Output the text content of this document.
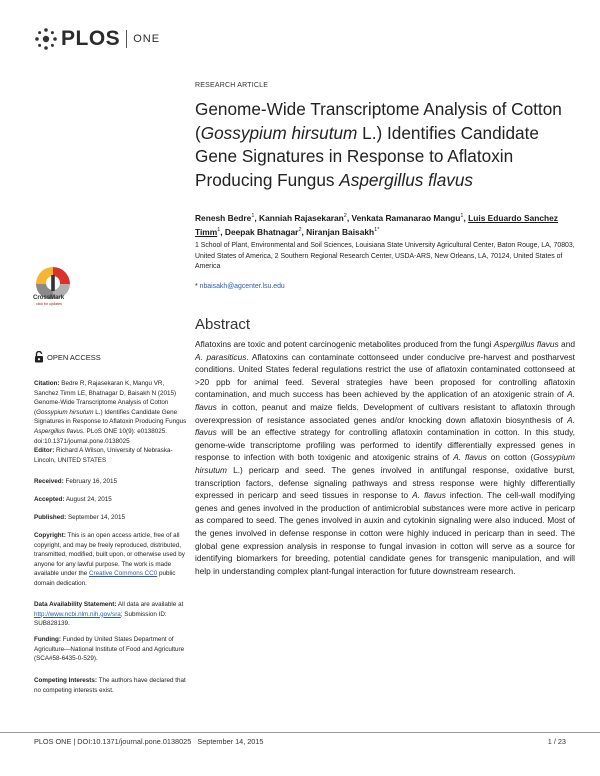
PLOS ONE
RESEARCH ARTICLE
Genome-Wide Transcriptome Analysis of Cotton (Gossypium hirsutum L.) Identifies Candidate Gene Signatures in Response to Aflatoxin Producing Fungus Aspergillus flavus
Renesh Bedre$^1$, Kanniah Rajasekaran$^2$, Venkata Ramanarao Mangu$^1$, Luis Eduardo Sanchez Timm$^1$, Deepak Bhatnagar$^2$, Niranjan Baisakh$^{1*}$
1 School of Plant, Environmental and Soil Sciences, Louisiana State University Agricultural Center, Baton Rouge, LA, 70803, United States of America, 2 Southern Regional Research Center, USDA-ARS, New Orleans, LA, 70124, United States of America
* nbaisakh@agcenter.lsu.edu
CrossMark
click for updates
OPEN ACCESS
Citation: Bedre R, Rajasekaran K, Mangu VR, Sanchez Timm LE, Bhatnagar D, Baisakh N (2015) Genome-Wide Transcriptome Analysis of Cotton (Gossypium hirsutum L.) Identifies Candidate Gene Signatures in Response to Aflatoxin Producing Fungus Aspergillus flavus. PLoS ONE 10(9): e0138025. doi:10.1371/journal.pone.0138025
Editor: Richard A Wilson, University of Nebraska-Lincoln, UNITED STATES
Received: February 16, 2015
Accepted: August 24, 2015
Published: September 14, 2015
Copyright: This is an open access article, free of all copyright, and may be freely reproduced, distributed, transmitted, modified, built upon, or otherwise used by anyone for any lawful purpose. The work is made available under the Creative Commons CC0 public domain dedication.
Data Availability Statement: All data are available at http://www.ncbi.nlm.nih.gov/sra; Submission ID: SUB828139.
Funding: Funded by United States Department of Agriculture—National Institute of Food and Agriculture (SCA#58-6435-0-529).
Competing Interests: The authors have declared that no competing interests exist.
Abstract
Aflatoxins are toxic and potent carcinogenic metabolites produced from the fungi Aspergillus flavus and A. parasiticus. Aflatoxins can contaminate cottonseed under conducive pre-harvest and postharvest conditions. United States federal regulations restrict the use of aflatoxin contaminated cottonseed at >20 ppb for animal feed. Several strategies have been proposed for controlling aflatoxin contamination, and much success has been achieved by the application of an atoxigenic strain of A. flavus in cotton, peanut and maize fields. Development of cultivars resistant to aflatoxin through overexpression of resistance associated genes and/or knocking down aflatoxin biosynthesis of A. flavus will be an effective strategy for controlling aflatoxin contamination in cotton. In this study, genome-wide transcriptome profiling was performed to identify differentially expressed genes in response to infection with both toxigenic and atoxigenic strains of A. flavus on cotton (Gossypium hirsutum L.) pericarp and seed. The genes involved in antifungal response, oxidative burst, transcription factors, defense signaling pathways and stress response were highly differentially expressed in pericarp and seed tissues in response to A. flavus infection. The cell-wall modifying genes and genes involved in the production of antimicrobial substances were more active in pericarp as compared to seed. The genes involved in auxin and cytokinin signaling were also induced. Most of the genes involved in defense response in cotton were highly induced in pericarp than in seed. The global gene expression analysis in response to fungal invasion in cotton will serve as a source for identifying biomarkers for breeding, potential candidate genes for transgenic manipulation, and will help in understanding complex plant-fungal interaction for future downstream research.
PLOS ONE | DOI:10.1371/journal.pone.0138025 September 14, 2015	1 / 23
